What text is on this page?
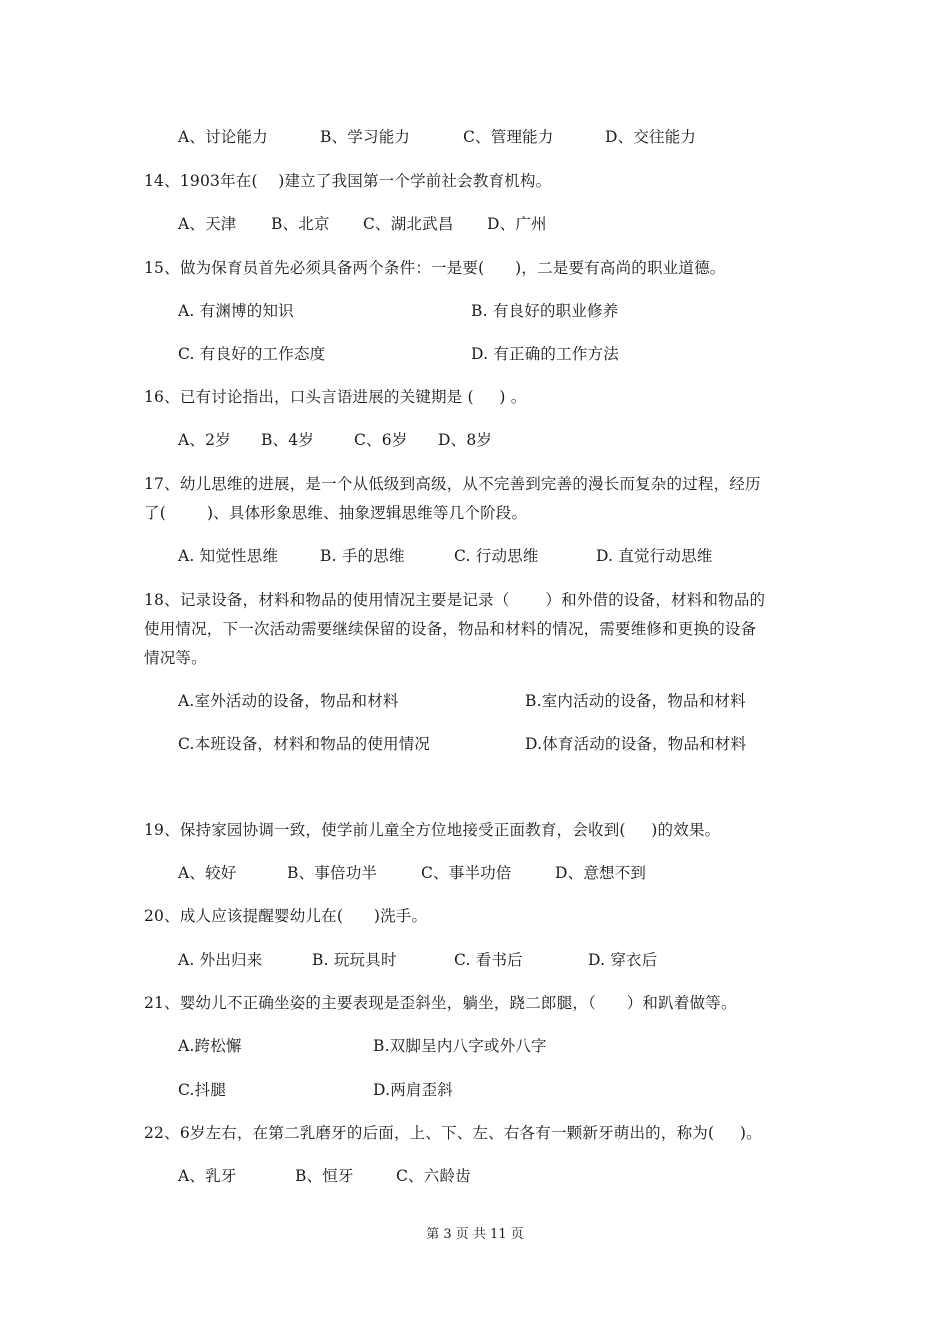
A、讨论能力	B、学习能力	C、管理能力	D、交往能力
14、1903年在(    )建立了我国第一个学前社会教育机构。
A、天津 B、北京 C、湖北武昌 D、广州
15、做为保育员首先必须具备两个条件：一是要(      )，二是要有高尚的职业道德。
A. 有渊博的知识	B. 有良好的职业修养
C. 有良好的工作态度	D. 有正确的工作方法
16、已有讨论指出，口头言语进展的关键期是 (     ) 。
A、2岁 B、4岁	C、6岁 D、8岁
17、幼儿思维的进展，是一个从低级到高级，从不完善到完善的漫长而复杂的过程，经历
了(        )、具体形象思维、抽象逻辑思维等几个阶段。
A. 知觉性思维	B. 手的思维	C. 行动思维	D. 直觉行动思维
18、记录设备，材料和物品的使用情况主要是记录（       ）和外借的设备，材料和物品的
使用情况，下一次活动需要继续保留的设备，物品和材料的情况，需要维修和更换的设备
情况等。
A.室外活动的设备，物品和材料	B.室内活动的设备，物品和材料
C.本班设备，材料和物品的使用情况	D.体育活动的设备，物品和材料
19、保持家园协调一致，使学前儿童全方位地接受正面教育，会收到(     )的效果。
A、较好	B、事倍功半	C、事半功倍	D、意想不到
20、成人应该提醒婴幼儿在(      )洗手。
A. 外出归来	B. 玩玩具时	C. 看书后	D. 穿衣后
21、婴幼儿不正确坐姿的主要表现是歪斜坐，躺坐，跷二郎腿，（      ）和趴着做等。
A.跨松懈	B.双脚呈内八字或外八字
C.抖腿	D.两肩歪斜
22、6岁左右，在第二乳磨牙的后面，上、下、左、右各有一颗新牙萌出的，称为(     )。
A、乳牙	B、恒牙	C、六龄齿
第 3 页 共 11 页
